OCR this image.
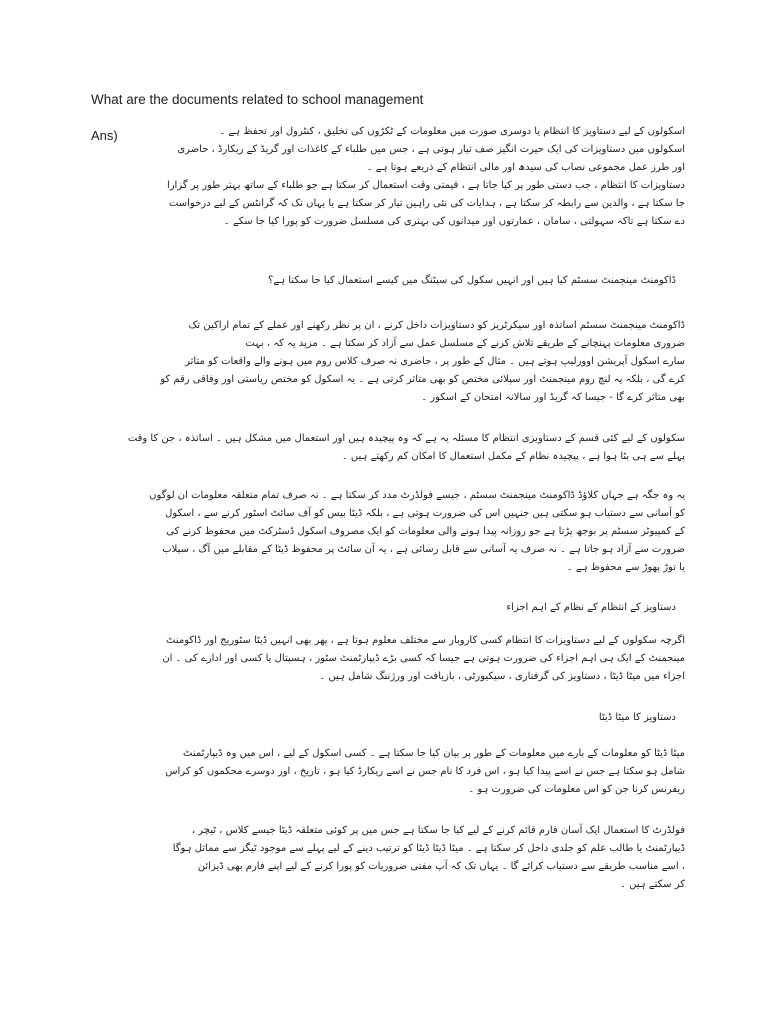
What are the documents related to school management
Ans)	اسکولوں کے لیے دستاویز کا انتظام یا دوسری صورت میں معلومات کے ٹکڑوں کی تخلیق ، کنٹرول اور تحفظ ہے ۔
اسکولوں میں دستاویزات کی ایک حیرت انگیز صف تیار ہوتی ہے ، جس میں طلباء کے کاغذات اور گریڈ کے ریکارڈ ، حاضری
اور طرز عمل مجموعی نصاب کی سیدھ اور مالی انتظام کے ذریعے ہوتا ہے ۔
دستاویزات کا انتظام ، جب دستی طور پر کیا جاتا ہے ، قیمتی وقت استعمال کر سکتا ہے جو طلباء کے ساتھ بہتر طور پر گزارا
جا سکتا ہے ، والدین سے رابطہ کر سکتا ہے ، ہدایات کی نئی راہیں تیار کر سکتا ہے یا یہاں تک کہ گرانٹس کے لیے درخواست
دے سکتا ہے تاکہ سہولتی ، سامان ، عمارتوں اور میدانوں کی بہتری کی مسلسل ضرورت کو پورا کیا جا سکے ۔
ڈاکومنٹ مینجمنٹ سسٹم کیا ہیں اور انہیں سکول کی سیٹنگ میں کیسے استعمال کیا جا سکتا ہے؟
ڈاکومنٹ مینجمنٹ سسٹم اساتذہ اور سیکرٹریز کو دستاویزات داخل کرنے ، ان پر نظر رکھنے اور عملے کے تمام اراکین تک
ضروری معلومات پہنچانے کے طریقے تلاش کرنے کے مسلسل عمل سے آزاد کر سکتا ہے ۔ مزید یہ کہ ، بہت
سارے اسکول آپریشن اوورلیپ ہوتے ہیں ۔ مثال کے طور پر ، حاضری نہ صرف کلاس روم میں ہونے والے واقعات کو متاثر
کرے گی ، بلکہ یہ لنچ روم مینجمنٹ اور سپلائی مختص کو بھی متاثر کرتی ہے ۔ یہ اسکول کو مختص ریاستی اور وفاقی رقم کو
بھی متاثر کرے گا - جیسا کہ گریڈ اور سالانہ امتحان کے اسکور ۔
سکولوں کے لیے کئی قسم کے دستاویزی انتظام کا مسئلہ یہ ہے کہ وہ پیچیدہ ہیں اور استعمال میں مشکل ہیں ۔ اساتذہ ، جن کا وقت
پہلے سے ہی بٹا ہوا ہے ، پیچیدہ نظام کے مکمل استعمال کا امکان کم رکھتے ہیں ۔
یہ وہ جگہ ہے جہاں کلاؤڈ ڈاکومنٹ مینجمنٹ سسٹم ، جیسے فولڈرٹ مدد کر سکتا ہے ۔ نہ صرف تمام متعلقہ معلومات ان لوگوں
کو آسانی سے دستیاب ہو سکتی ہیں جنہیں اس کی ضرورت ہوتی ہے ، بلکہ ڈیٹا بیس کو آف سائٹ اسٹور کرنے سے ، اسکول
کے کمپیوٹر سسٹم پر بوجھ پڑتا ہے جو روزانہ پیدا ہونے والی معلومات کو ایک مصروف اسکول ڈسٹرکٹ میں محفوظ کرنے کی
ضرورت سے آزاد ہو جاتا ہے ۔ نہ صرف یہ آسانی سے قابل رسائی ہے ، یہ آن سائٹ پر محفوظ ڈیٹا کے مقابلے میں آگ ، سیلاب
یا توڑ پھوڑ سے محفوظ ہے ۔
دستاویز کے انتظام کے نظام کے اہم اجزاء
اگرچہ سکولوں کے لیے دستاویزات کا انتظام کسی کاروبار سے مختلف معلوم ہوتا ہے ، پھر بھی انہیں ڈیٹا سٹوریج اور ڈاکومنٹ
مینجمنٹ کے ایک ہی اہم اجزاء کی ضرورت ہوتی ہے جیسا کہ کسی بڑے ڈیپارٹمنٹ سٹور ، ہسپتال یا کسی اور ادارے کی ۔ ان
اجزاء میں میٹا ڈیٹا ، دستاویز کی گرفتاری ، سیکیورٹی ، بازیافت اور ورژننگ شامل ہیں ۔
دستاویز کا میٹا ڈیٹا
میٹا ڈیٹا کو معلومات کے بارے میں معلومات کے طور پر بیان کیا جا سکتا ہے ۔ کسی اسکول کے لیے ، اس میں وہ ڈیپارٹمنٹ
شامل ہو سکتا ہے جس نے اسے پیدا کیا ہو ، اس فرد کا نام جس نے اسے ریکارڈ کیا ہو ، تاریخ ، اور دوسرے محکموں کو کراس
ریفرنس کرنا جن کو اس معلومات کی ضرورت ہو ۔
فولڈرٹ کا استعمال ایک آسان فارم قائم کرنے کے لیے کیا جا سکتا ہے جس میں پر کوئی متعلقہ ڈیٹا جیسے کلاس ، ٹیچر ،
ڈیپارٹمنٹ یا طالب علم کو جلدی داخل کر سکتا ہے ۔ میٹا ڈیٹا ڈیٹا کو ترتیب دینے کے لیے پہلے سے موجود ٹیگز سے مماثل ہوگا
، اسے مناسب طریقے سے دستیاب کرائے گا ۔ یہاں تک کہ آپ مفتی ضروریات کو پورا کرنے کے لیے اپنے فارم بھی ڈیزائن
کر سکتے ہیں ۔
